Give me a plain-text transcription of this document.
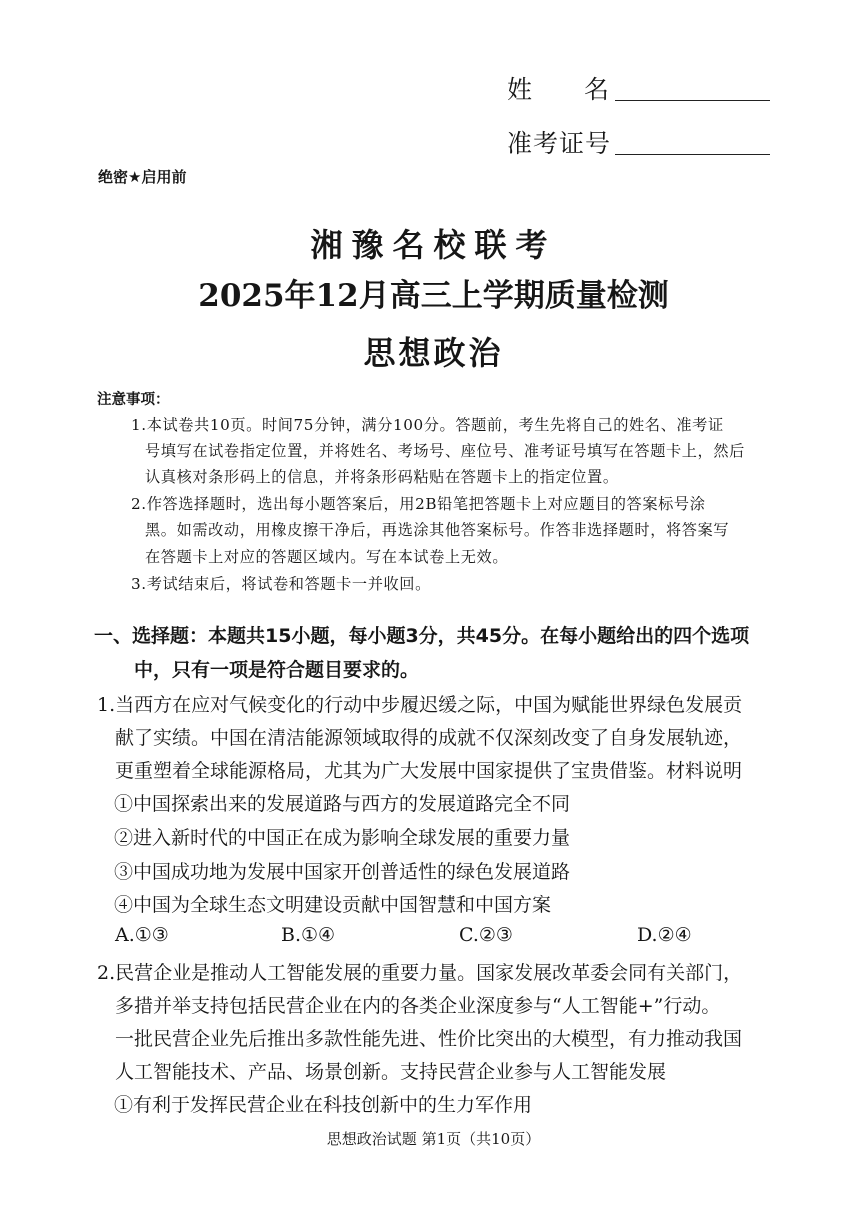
姓名
准考证号
绝密★启用前
湘豫名校联考
2025年12月高三上学期质量检测
思想政治
注意事项：
1.本试卷共10页。时间75分钟，满分100分。答题前，考生先将自己的姓名、准考证
号填写在试卷指定位置，并将姓名、考场号、座位号、准考证号填写在答题卡上，然后
认真核对条形码上的信息，并将条形码粘贴在答题卡上的指定位置。
2.作答选择题时，选出每小题答案后，用2B铅笔把答题卡上对应题目的答案标号涂
黑。如需改动，用橡皮擦干净后，再选涂其他答案标号。作答非选择题时，将答案写
在答题卡上对应的答题区域内。写在本试卷上无效。
3.考试结束后，将试卷和答题卡一并收回。
一、选择题：本题共15小题，每小题3分，共45分。在每小题给出的四个选项
中，只有一项是符合题目要求的。
1.当西方在应对气候变化的行动中步履迟缓之际，中国为赋能世界绿色发展贡
献了实绩。中国在清洁能源领域取得的成就不仅深刻改变了自身发展轨迹，
更重塑着全球能源格局，尤其为广大发展中国家提供了宝贵借鉴。材料说明
①中国探索出来的发展道路与西方的发展道路完全不同
②进入新时代的中国正在成为影响全球发展的重要力量
③中国成功地为发展中国家开创普适性的绿色发展道路
④中国为全球生态文明建设贡献中国智慧和中国方案
A.①③	B.①④	C.②③	D.②④
2.民营企业是推动人工智能发展的重要力量。国家发展改革委会同有关部门，
多措并举支持包括民营企业在内的各类企业深度参与“人工智能+”行动。
一批民营企业先后推出多款性能先进、性价比突出的大模型，有力推动我国
人工智能技术、产品、场景创新。支持民营企业参与人工智能发展
①有利于发挥民营企业在科技创新中的生力军作用
思想政治试题 第1页（共10页）
